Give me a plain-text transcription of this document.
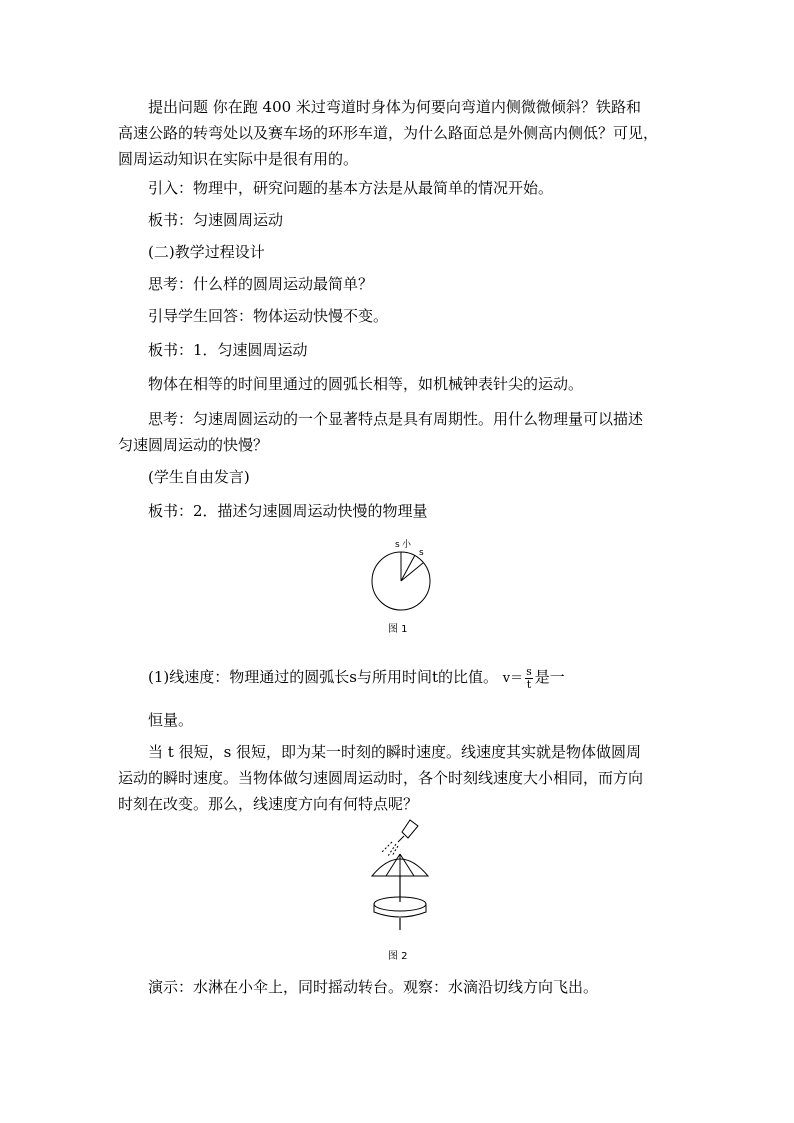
提出问题 你在跑 400 米过弯道时身体为何要向弯道内侧微微倾斜？铁路和
高速公路的转弯处以及赛车场的环形车道，为什么路面总是外侧高内侧低？可见，
圆周运动知识在实际中是很有用的。
引入：物理中，研究问题的基本方法是从最简单的情况开始。
板书：匀速圆周运动
(二)教学过程设计
思考：什么样的圆周运动最简单？
引导学生回答：物体运动快慢不变。
板书：1．匀速圆周运动
物体在相等的时间里通过的圆弧长相等，如机械钟表针尖的运动。
思考：匀速周圆运动的一个显著特点是具有周期性。用什么物理量可以描述
匀速圆周运动的快慢？
(学生自由发言)
板书：2．描述匀速圆周运动快慢的物理量
s 小
s
图 1
(1)线速度：物理通过的圆弧长s与所用时间t的比值。 $v= \frac{s}{t}$ 是一
恒量。
当 t 很短，s 很短，即为某一时刻的瞬时速度。线速度其实就是物体做圆周
运动的瞬时速度。当物体做匀速圆周运动时，各个时刻线速度大小相同，而方向
时刻在改变。那么，线速度方向有何特点呢？
图 2
演示：水淋在小伞上，同时摇动转台。观察：水滴沿切线方向飞出。
